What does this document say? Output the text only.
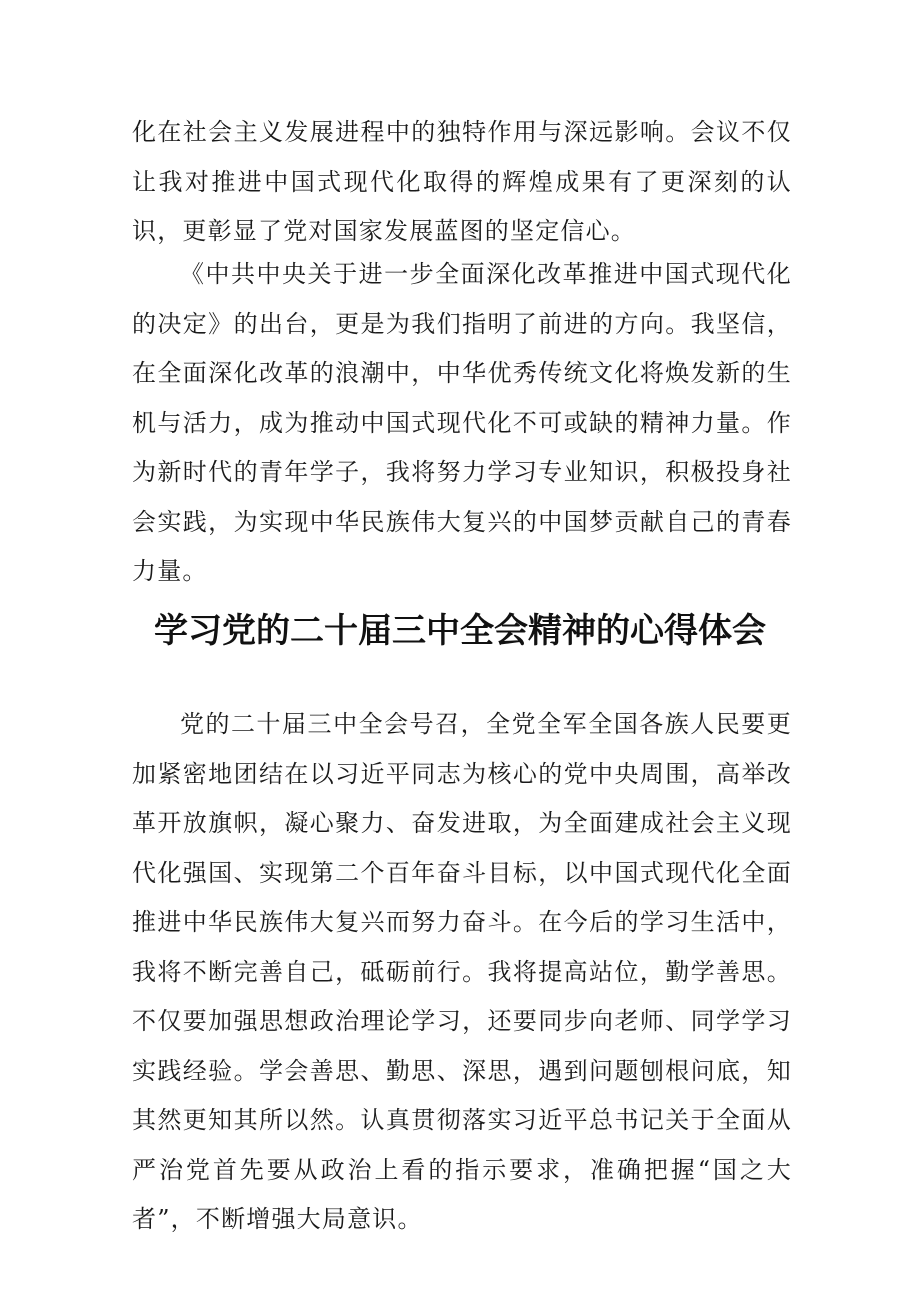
化在社会主义发展进程中的独特作用与深远影响。会议不仅让我对推进中国式现代化取得的辉煌成果有了更深刻的认识，更彰显了党对国家发展蓝图的坚定信心。

《中共中央关于进一步全面深化改革推进中国式现代化的决定》的出台，更是为我们指明了前进的方向。我坚信，在全面深化改革的浪潮中，中华优秀传统文化将焕发新的生机与活力，成为推动中国式现代化不可或缺的精神力量。作为新时代的青年学子，我将努力学习专业知识，积极投身社会实践，为实现中华民族伟大复兴的中国梦贡献自己的青春力量。

学习党的二十届三中全会精神的心得体会

党的二十届三中全会号召，全党全军全国各族人民要更加紧密地团结在以习近平同志为核心的党中央周围，高举改革开放旗帜，凝心聚力、奋发进取，为全面建成社会主义现代化强国、实现第二个百年奋斗目标，以中国式现代化全面推进中华民族伟大复兴而努力奋斗。在今后的学习生活中，我将不断完善自己，砥砺前行。我将提高站位，勤学善思。不仅要加强思想政治理论学习，还要同步向老师、同学学习实践经验。学会善思、勤思、深思，遇到问题刨根问底，知其然更知其所以然。认真贯彻落实习近平总书记关于全面从严治党首先要从政治上看的指示要求，准确把握“国之大者”，不断增强大局意识。
